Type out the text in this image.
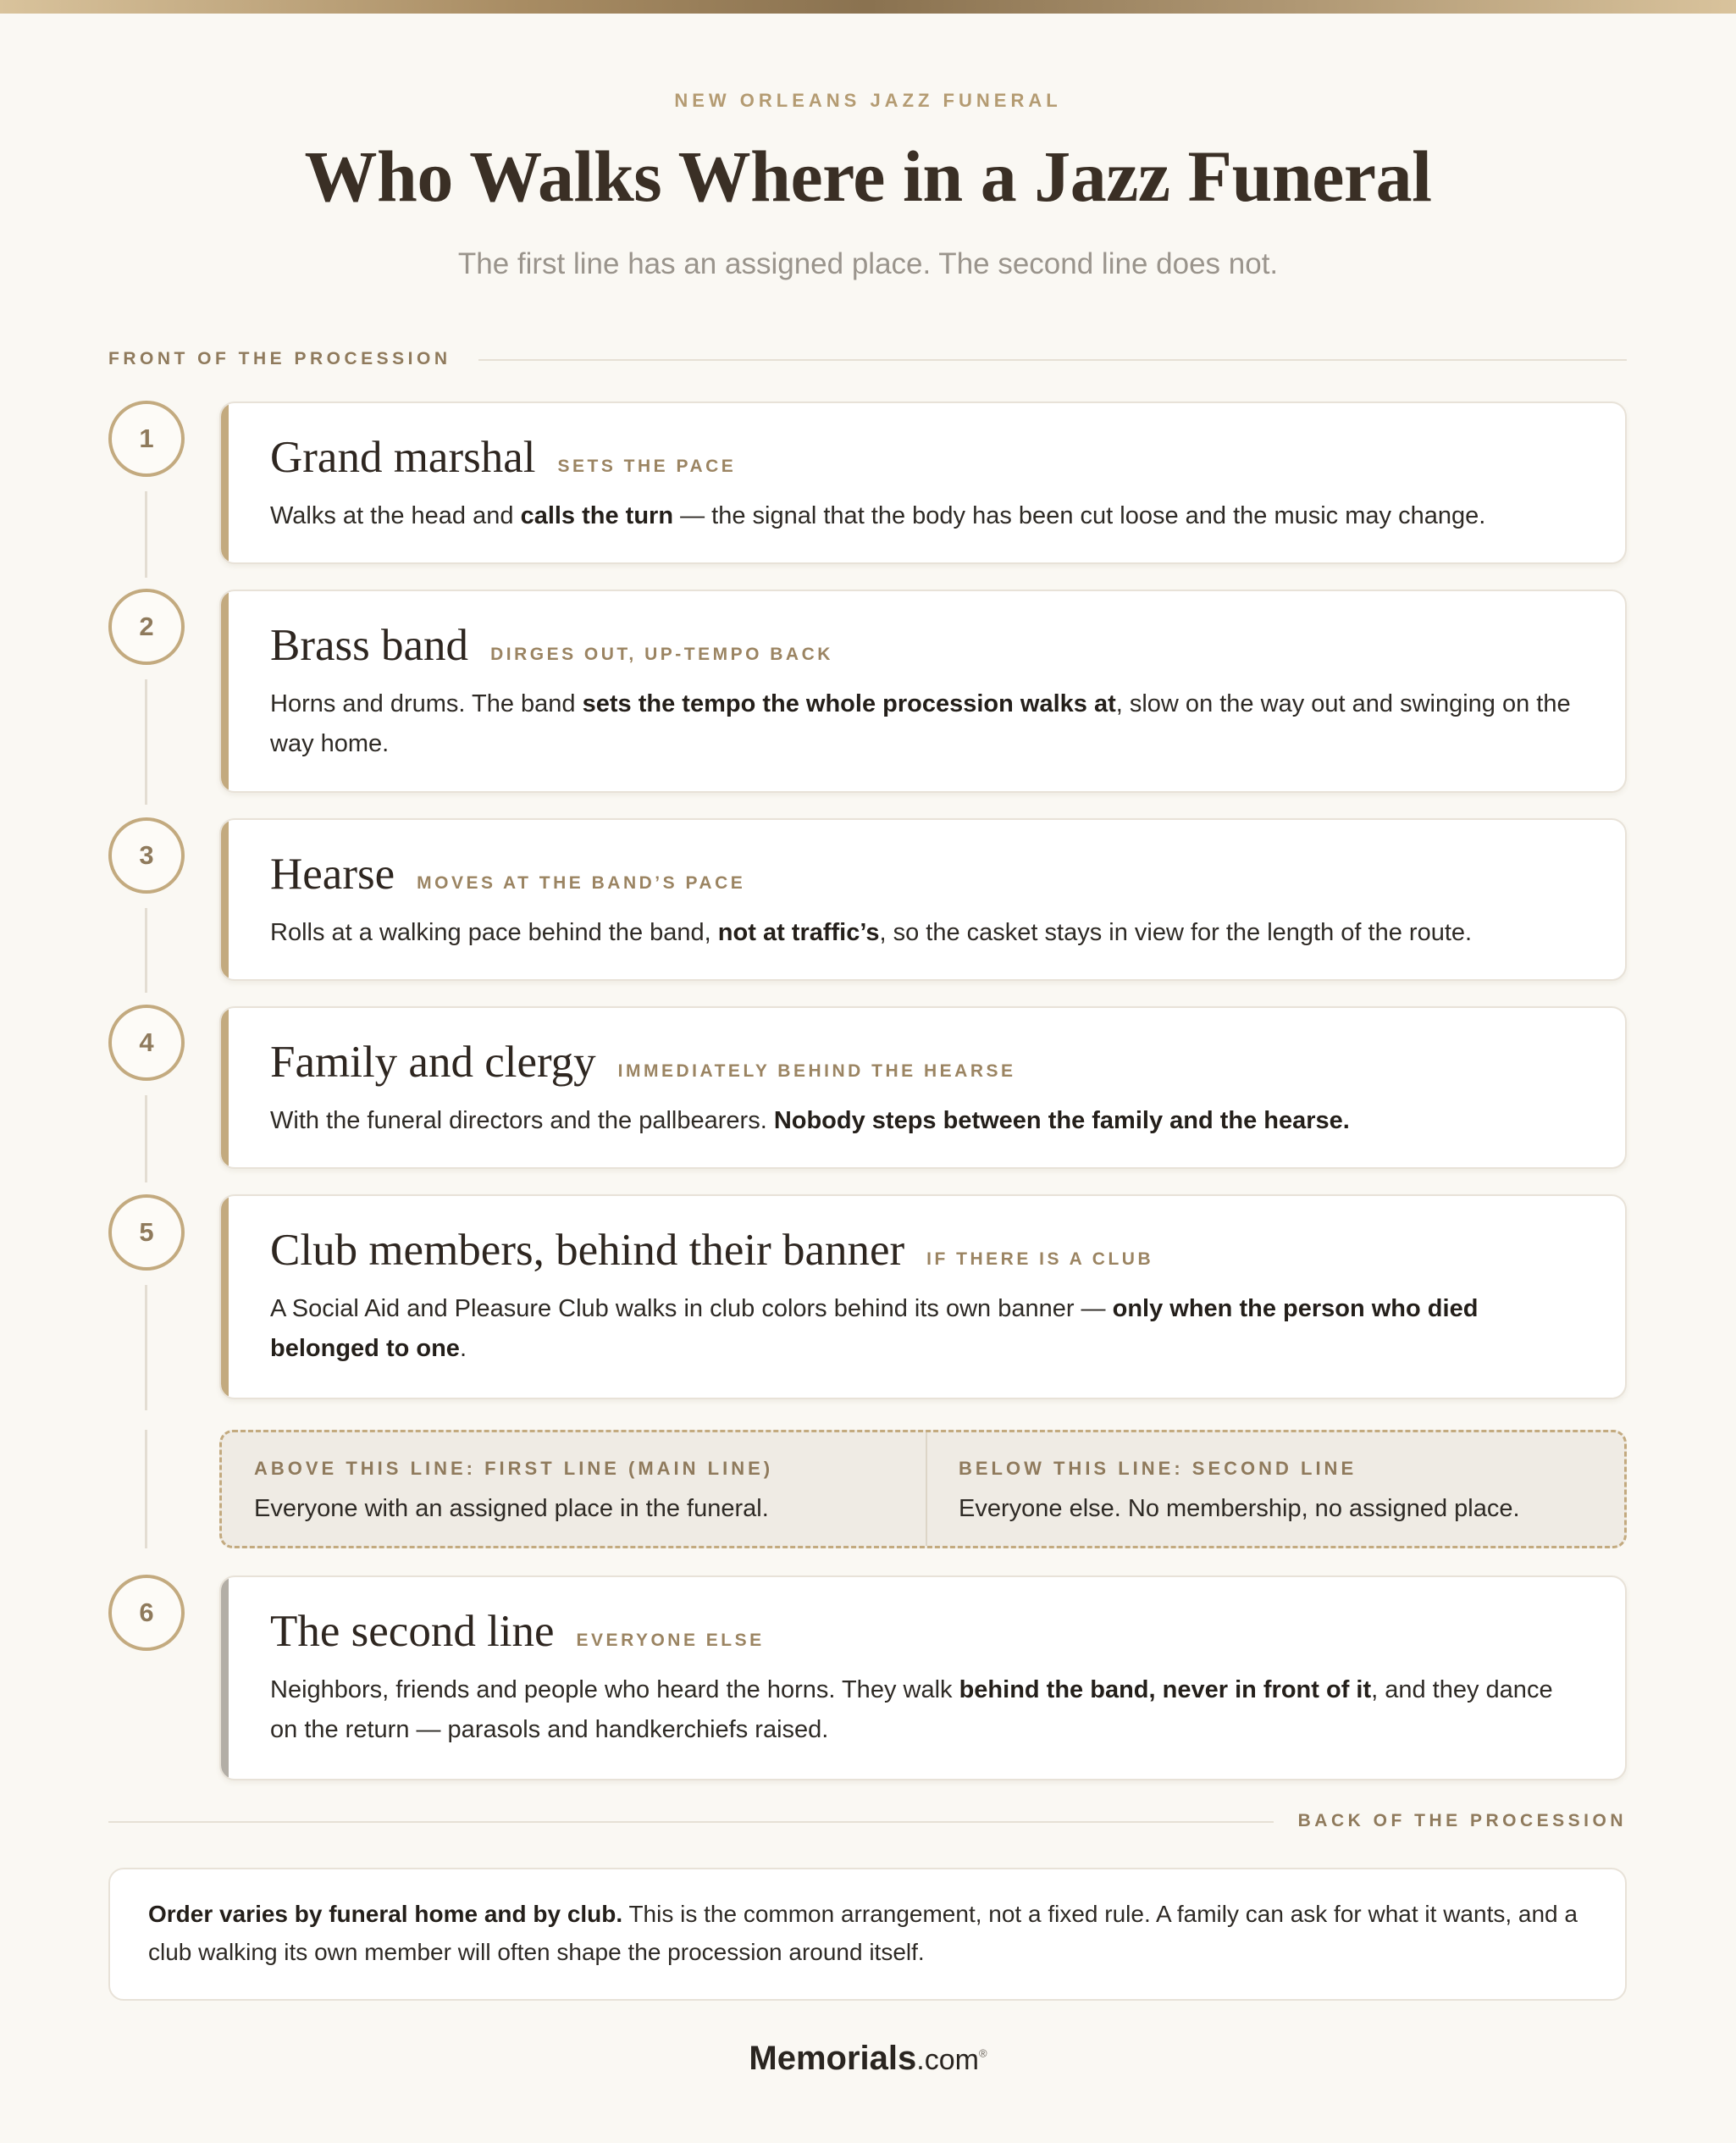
NEW ORLEANS JAZZ FUNERAL
Who Walks Where in a Jazz Funeral
The first line has an assigned place. The second line does not.
FRONT OF THE PROCESSION
1
2
3
4
5
6
Grand marshal SETS THE PACE
Walks at the head and calls the turn — the signal that the body has been cut loose and the music may change.
Brass band DIRGES OUT, UP-TEMPO BACK
Horns and drums. The band sets the tempo the whole procession walks at, slow on the way out and swinging on the way home.
Hearse MOVES AT THE BAND’S PACE
Rolls at a walking pace behind the band, not at traffic’s, so the casket stays in view for the length of the route.
Family and clergy IMMEDIATELY BEHIND THE HEARSE
With the funeral directors and the pallbearers. Nobody steps between the family and the hearse.
Club members, behind their banner IF THERE IS A CLUB
A Social Aid and Pleasure Club walks in club colors behind its own banner — only when the person who died belonged to one.
ABOVE THIS LINE: FIRST LINE (MAIN LINE)
Everyone with an assigned place in the funeral.
BELOW THIS LINE: SECOND LINE
Everyone else. No membership, no assigned place.
The second line EVERYONE ELSE
Neighbors, friends and people who heard the horns. They walk behind the band, never in front of it, and they dance on the return — parasols and handkerchiefs raised.
BACK OF THE PROCESSION
Order varies by funeral home and by club. This is the common arrangement, not a fixed rule. A family can ask for what it wants, and a club walking its own member will often shape the procession around itself.
Memorials.com®
